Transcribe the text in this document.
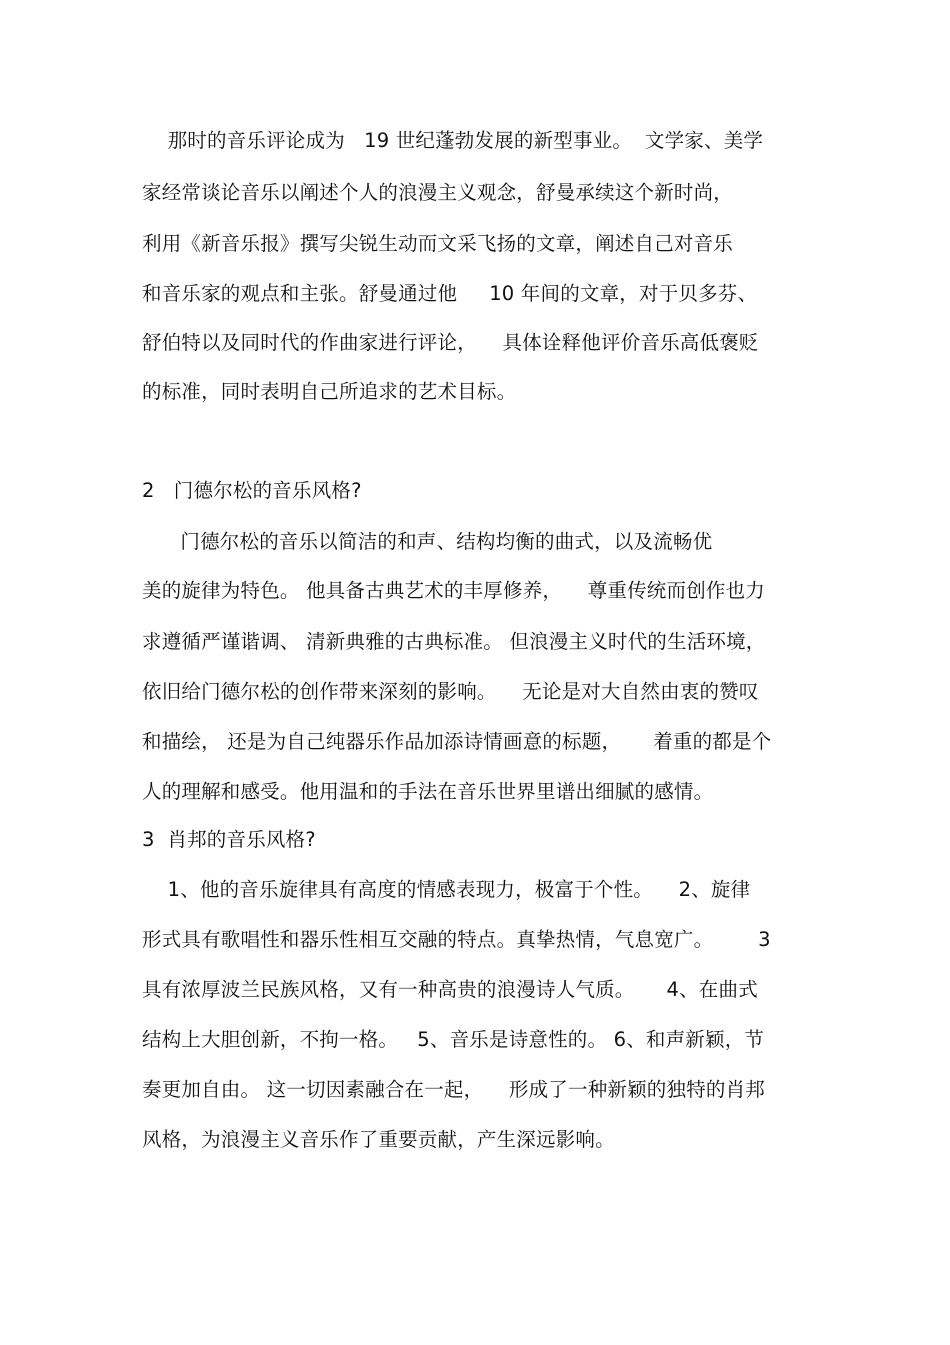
那时的音乐评论成为   19 世纪蓬勃发展的新型事业。  文学家、美学
家经常谈论音乐以阐述个人的浪漫主义观念，舒曼承续这个新时尚，
利用《新音乐报》撰写尖锐生动而文采飞扬的文章，阐述自己对音乐
和音乐家的观点和主张。舒曼通过他     10 年间的文章，对于贝多芬、
舒伯特以及同时代的作曲家进行评论，    具体诠释他评价音乐高低褒贬
的标准，同时表明自己所追求的艺术目标。
2   门德尔松的音乐风格?
门德尔松的音乐以简洁的和声、结构均衡的曲式，以及流畅优
美的旋律为特色。 他具备古典艺术的丰厚修养，    尊重传统而创作也力
求遵循严谨谐调、 清新典雅的古典标准。 但浪漫主义时代的生活环境，
依旧给门德尔松的创作带来深刻的影响。    无论是对大自然由衷的赞叹
和描绘， 还是为自己纯器乐作品加添诗情画意的标题，     着重的都是个
人的理解和感受。他用温和的手法在音乐世界里谱出细腻的感情。
3  肖邦的音乐风格?
1、他的音乐旋律具有高度的情感表现力，极富于个性。    2、旋律
形式具有歌唱性和器乐性相互交融的特点。真挚热情，气息宽广。       3
具有浓厚波兰民族风格，又有一种高贵的浪漫诗人气质。     4、在曲式
结构上大胆创新，不拘一格。   5、音乐是诗意性的。 6、和声新颖，节
奏更加自由。 这一切因素融合在一起，    形成了一种新颖的独特的肖邦
风格，为浪漫主义音乐作了重要贡献，产生深远影响。
